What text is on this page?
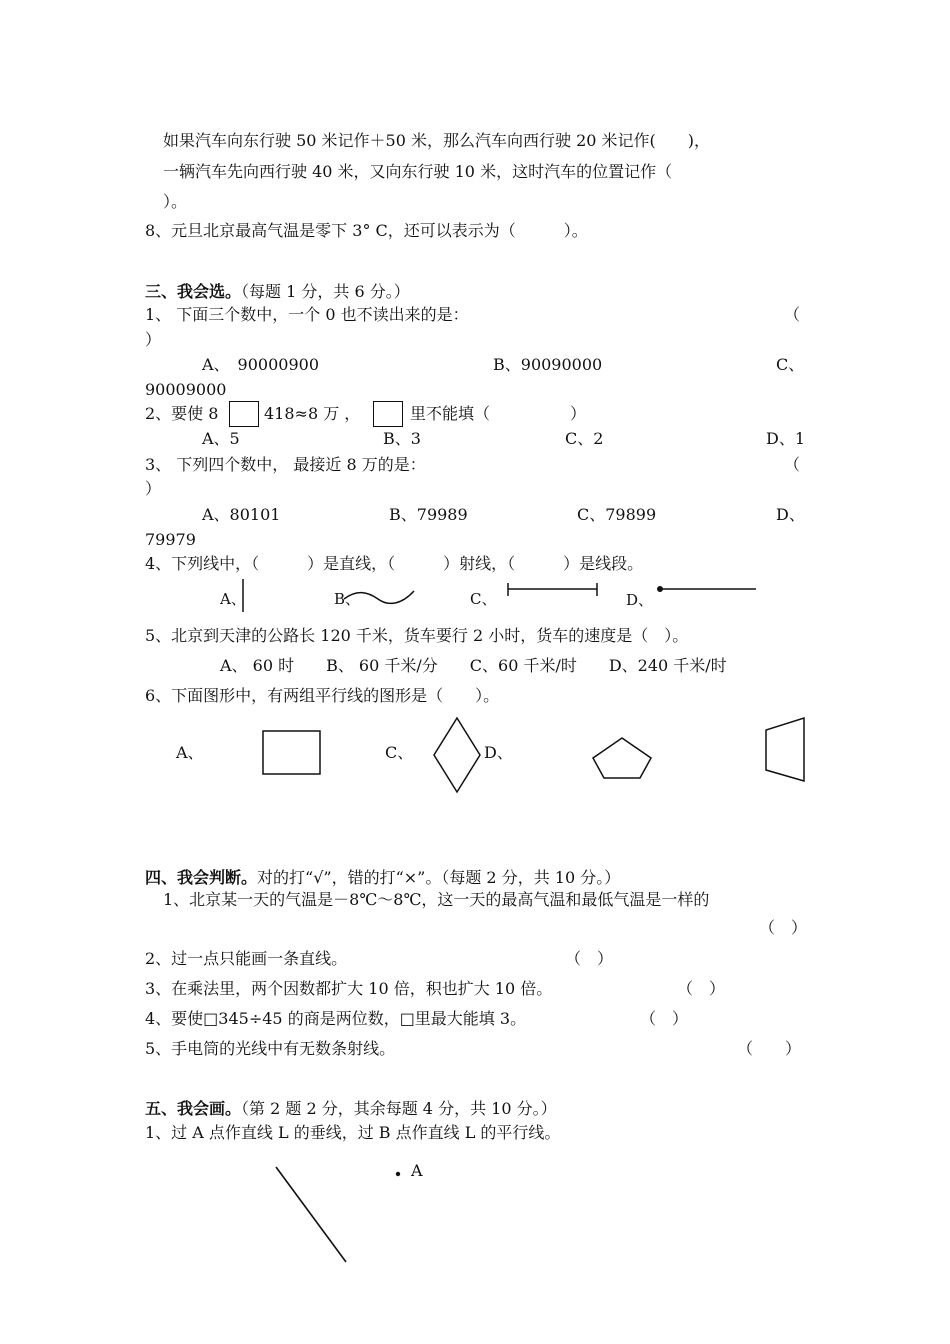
如果汽车向东行驶 50 米记作＋50 米，那么汽车向西行驶 20 米记作(　　)，
一辆汽车先向西行驶 40 米，又向东行驶 10 米，这时汽车的位置记作（
）。
8、元旦北京最高气温是零下 3° C，还可以表示为（　　　）。
三、我会选。（每题 1 分，共 6 分。）
1、 下面三个数中，一个 0 也不读出来的是：	（
）
A、　90000900	B、90090000	C、
90009000
2、要使 8	418≈8 万 ，	里不能填（　　　　　）
A、5	B、3	C、2	D、1
3、 下列四个数中， 最接近 8 万的是：	（
）
A、80101	B、79989	C、79899	D、
79979
4、下列线中，（　　　）是直线，（　　　）射线，（　　　）是线段。
A、	B、	C、	D、
5、北京到天津的公路长 120 千米，货车要行 2 小时，货车的速度是（　）。
A、 60 时　　B、 60 千米/分　　C、60 千米/时　　D、240 千米/时
6、下面图形中，有两组平行线的图形是（　　）。
A、	C、	D、
四、我会判断。对的打“√”，错的打“×”。（每题 2 分，共 10 分。）
1、北京某一天的气温是－8℃～8℃，这一天的最高气温和最低气温是一样的
（　）
2、过一点只能画一条直线。	（　）
3、在乘法里，两个因数都扩大 10 倍，积也扩大 10 倍。	（　）
4、要使□345÷45 的商是两位数，□里最大能填 3。	（　）
5、手电筒的光线中有无数条射线。	（　　）
五、我会画。（第 2 题 2 分，其余每题 4 分，共 10 分。）
1、过 A 点作直线 L 的垂线，过 B 点作直线 L 的平行线。
A
